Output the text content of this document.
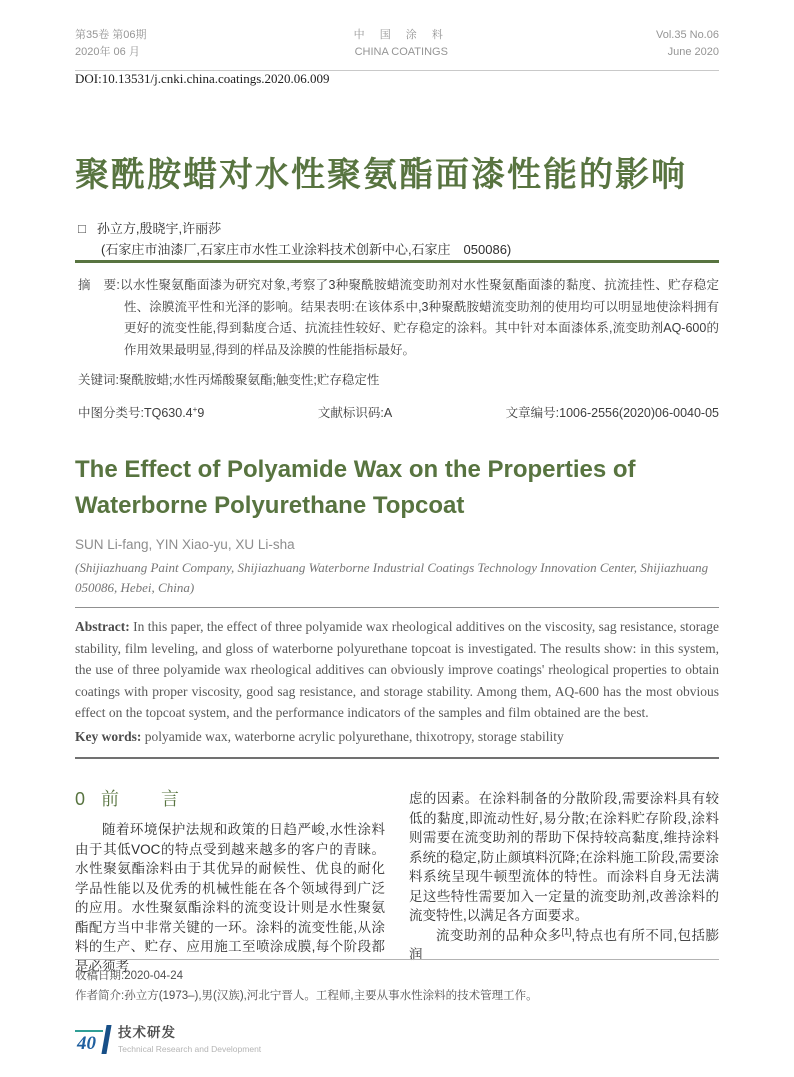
第35卷 第06期
2020年 06 月
中 国 涂 料
CHINA COATINGS
Vol.35 No.06
June 2020
DOI:10.13531/j.cnki.china.coatings.2020.06.009
聚酰胺蜡对水性聚氨酯面漆性能的影响
□ 孙立方,殷晓宇,许丽莎
(石家庄市油漆厂,石家庄市水性工业涂料技术创新中心,石家庄　050086)

摘　要:以水性聚氨酯面漆为研究对象,考察了3种聚酰胺蜡流变助剂对水性聚氨酯面漆的黏度、抗流挂性、贮存稳定性、涂膜流平性和光泽的影响。结果表明:在该体系中,3种聚酰胺蜡流变助剂的使用均可以明显地使涂料拥有更好的流变性能,得到黏度合适、抗流挂性较好、贮存稳定的涂料。其中针对本面漆体系,流变助剂AQ-600的作用效果最明显,得到的样品及涂膜的性能指标最好。

关键词:聚酰胺蜡;水性丙烯酸聚氨酯;触变性;贮存稳定性

中图分类号:TQ630.4+9	文献标识码:A	文章编号:1006-2556(2020)06-0040-05
The Effect of Polyamide Wax on the Properties of Waterborne Polyurethane Topcoat

SUN Li-fang, YIN Xiao-yu, XU Li-sha

(Shijiazhuang Paint Company, Shijiazhuang Waterborne Industrial Coatings Technology Innovation Center, Shijiazhuang 050086, Hebei, China)

Abstract: In this paper, the effect of three polyamide wax rheological additives on the viscosity, sag resistance, storage stability, film leveling, and gloss of waterborne polyurethane topcoat is investigated. The results show: in this system, the use of three polyamide wax rheological additives can obviously improve coatings' rheological properties to obtain coatings with proper viscosity, good sag resistance, and storage stability. Among them, AQ-600 has the most obvious effect on the topcoat system, and the performance indicators of the samples and film obtained are the best.

Key words: polyamide wax, waterborne acrylic polyurethane, thixotropy, storage stability

0 前　言

随着环境保护法规和政策的日趋严峻,水性涂料由于其低VOC的特点受到越来越多的客户的青睐。水性聚氨酯涂料由于其优异的耐候性、优良的耐化学品性能以及优秀的机械性能在各个领域得到广泛的应用。水性聚氨酯涂料的流变设计则是水性聚氨酯配方当中非常关键的一环。涂料的流变性能,从涂料的生产、贮存、应用施工至喷涂成膜,每个阶段都是必须考

虑的因素。在涂料制备的分散阶段,需要涂料具有较低的黏度,即流动性好,易分散;在涂料贮存阶段,涂料则需要在流变助剂的帮助下保持较高黏度,维持涂料系统的稳定,防止颜填料沉降;在涂料施工阶段,需要涂料系统呈现牛顿型流体的特性。而涂料自身无法满足这些特性需要加入一定量的流变助剂,改善涂料的流变特性,以满足各方面要求。

流变助剂的品种众多[1],特点也有所不同,包括膨润

收稿日期:2020-04-24

作者简介:孙立方(1973–),男(汉族),河北宁晋人。工程师,主要从事水性涂料的技术管理工作。

40
技术研发
Technical Research and Development
